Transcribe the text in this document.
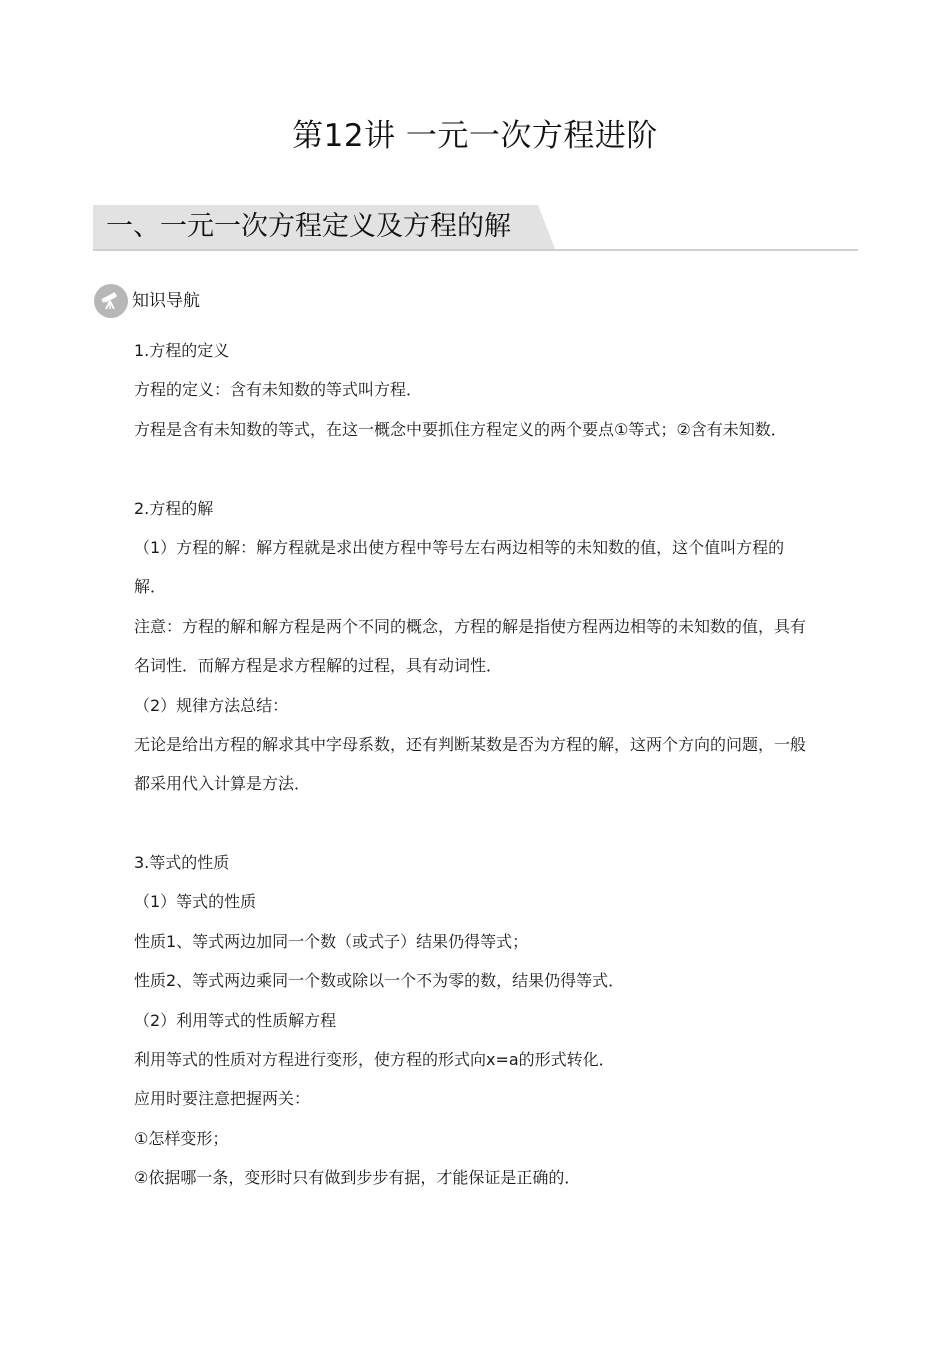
第12讲 一元一次方程进阶
一、一元一次方程定义及方程的解
知识导航
1.方程的定义
方程的定义：含有未知数的等式叫方程．
方程是含有未知数的等式，在这一概念中要抓住方程定义的两个要点①等式；②含有未知数．
2.方程的解
（1）方程的解：解方程就是求出使方程中等号左右两边相等的未知数的值，这个值叫方程的
解．
注意：方程的解和解方程是两个不同的概念，方程的解是指使方程两边相等的未知数的值，具有
名词性．而解方程是求方程解的过程，具有动词性．
（2）规律方法总结：
无论是给出方程的解求其中字母系数，还有判断某数是否为方程的解，这两个方向的问题，一般
都采用代入计算是方法．
3.等式的性质
（1）等式的性质
性质1、等式两边加同一个数（或式子）结果仍得等式；
性质2、等式两边乘同一个数或除以一个不为零的数，结果仍得等式．
（2）利用等式的性质解方程
利用等式的性质对方程进行变形，使方程的形式向x=a的形式转化．
应用时要注意把握两关：
①怎样变形；
②依据哪一条，变形时只有做到步步有据，才能保证是正确的．
